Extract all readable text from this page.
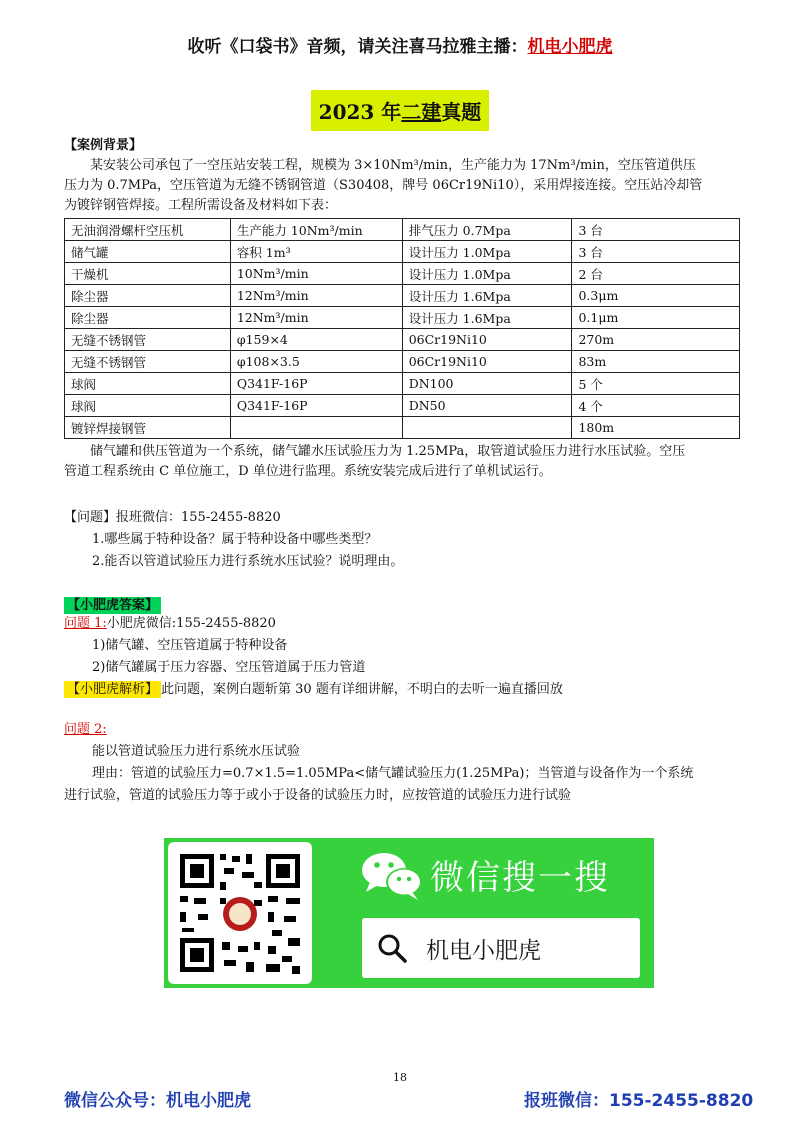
收听《口袋书》音频，请关注喜马拉雅主播：机电小肥虎
2023 年二建真题
【案例背景】
某安装公司承包了一空压站安装工程，规模为 3×10Nm³/min，生产能力为 17Nm³/min，空压管道供压
压力为 0.7MPa，空压管道为无缝不锈钢管道（S30408，牌号 06Cr19Ni10），采用焊接连接。空压站冷却管
为镀锌钢管焊接。工程所需设备及材料如下表：
无油润滑螺杆空压机	生产能力 10Nm³/min	排气压力 0.7Mpa	3 台
储气罐	容积 1m³	设计压力 1.0Mpa	3 台
干燥机	10Nm³/min	设计压力 1.0Mpa	2 台
除尘器	12Nm³/min	设计压力 1.6Mpa	0.3μm
除尘器	12Nm³/min	设计压力 1.6Mpa	0.1μm
无缝不锈钢管	φ159×4	06Cr19Ni10	270m
无缝不锈钢管	φ108×3.5	06Cr19Ni10	83m
球阀	Q341F-16P	DN100	5 个
球阀	Q341F-16P	DN50	4 个
镀锌焊接钢管			180m
储气罐和供压管道为一个系统，储气罐水压试验压力为 1.25MPa，取管道试验压力进行水压试验。空压
管道工程系统由 C 单位施工，D 单位进行监理。系统安装完成后进行了单机试运行。
【问题】报班微信：155-2455-8820
1.哪些属于特种设备？属于特种设备中哪些类型？
2.能否以管道试验压力进行系统水压试验？说明理由。
【小肥虎答案】
问题 1:小肥虎微信:155-2455-8820
1)储气罐、空压管道属于特种设备
2)储气罐属于压力容器、空压管道属于压力管道
【小肥虎解析】 此问题，案例白题斩第 30 题有详细讲解，不明白的去听一遍直播回放
问题 2:
能以管道试验压力进行系统水压试验
理由：管道的试验压力=0.7×1.5=1.05MPa<储气罐试验压力(1.25MPa)；当管道与设备作为一个系统
进行试验，管道的试验压力等于或小于设备的试验压力时，应按管道的试验压力进行试验
微信搜一搜
机电小肥虎
18
微信公众号：机电小肥虎	报班微信：155-2455-8820
